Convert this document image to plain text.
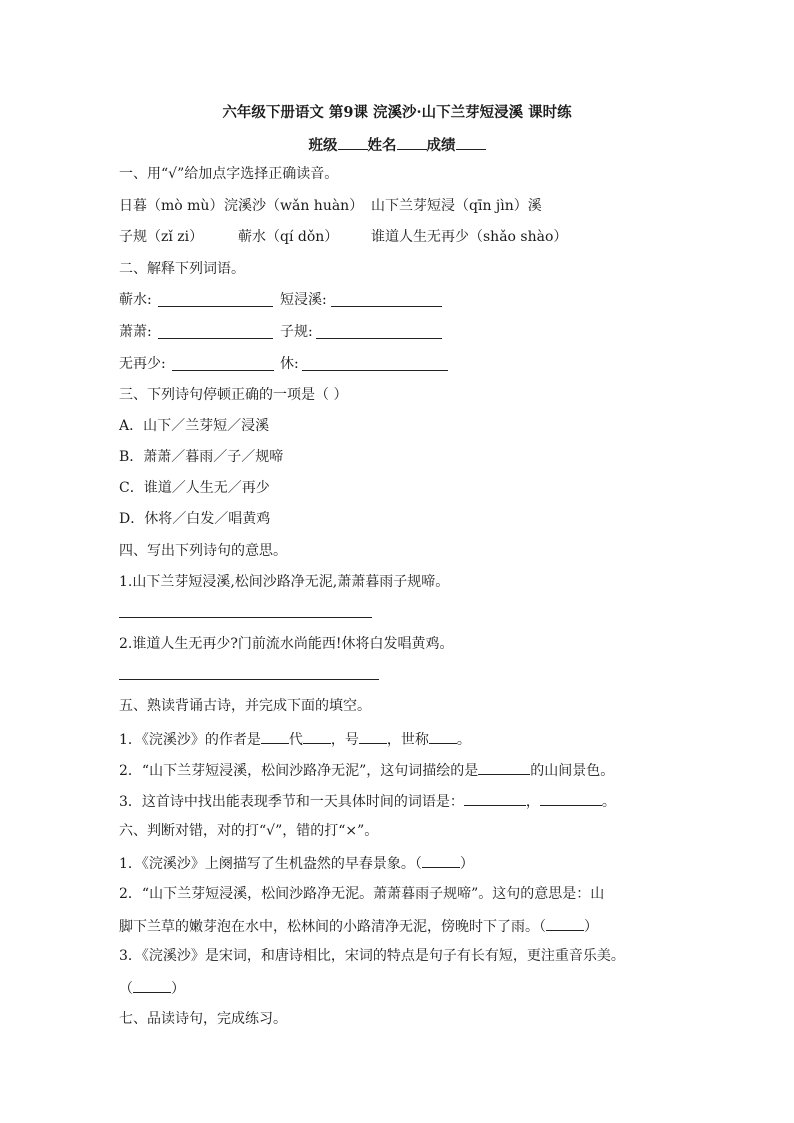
六年级下册语文 第9课 浣溪沙·山下兰芽短浸溪 课时练
班级 姓名 成绩
一、用“√”给加点字选择正确读音。
日暮（mò mù） 浣溪沙（wǎn huàn） 山下兰芽短浸（qīn jìn）溪
子规（zǐ zi） 蕲水（qí dǒn） 谁道人生无再少（shǎo shào）
二、解释下列词语。
蕲水:	短浸溪:
萧萧:	子规:
无再少:	休:
三、下列诗句停顿正确的一项是（ ）
A．山下／兰芽短／浸溪
B．萧萧／暮雨／子／规啼
C．谁道／人生无／再少
D．休将／白发／唱黄鸡
四、写出下列诗句的意思。
1.山下兰芽短浸溪,松间沙路净无泥,萧萧暮雨子规啼。
2.谁道人生无再少?门前流水尚能西!休将白发唱黄鸡。
五、熟读背诵古诗，并完成下面的填空。
1．《浣溪沙》的作者是 代 ，号 ，世称 。
2．“山下兰芽短浸溪，松间沙路净无泥”，这句词描绘的是	的山间景色。
3．这首诗中找出能表现季节和一天具体时间的词语是：	，	。
六、判断对错，对的打“√”，错的打“×”。
1．《浣溪沙》上阕描写了生机盎然的早春景象。（	）
2．“山下兰芽短浸溪，松间沙路净无泥。萧萧暮雨子规啼”。这句的意思是：山
脚下兰草的嫩芽泡在水中，松林间的小路清净无泥，傍晚时下了雨。（	）
3．《浣溪沙》是宋词，和唐诗相比，宋词的特点是句子有长有短，更注重音乐美。
（	）
七、品读诗句，完成练习。
